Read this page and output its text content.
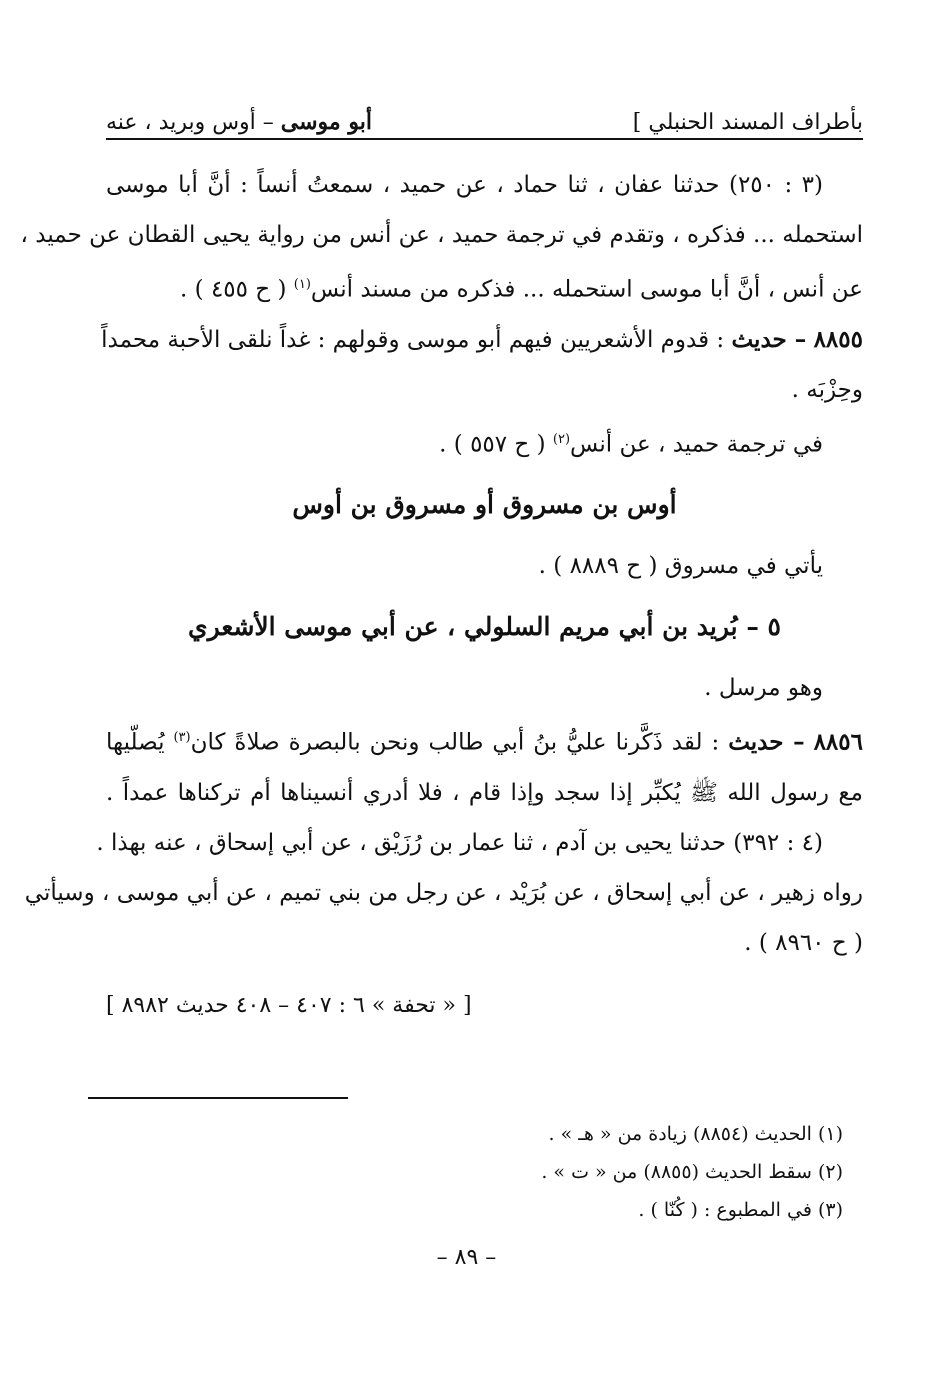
بأطراف المسند الحنبلي ]
أبو موسى – أوس وبريد ، عنه
(٣ : ٢٥٠) حدثنا عفان ، ثنا حماد ، عن حميد ، سمعتُ أنساً : أنَّ أبا موسى
استحمله ... فذكره ، وتقدم في ترجمة حميد ، عن أنس من رواية يحيى القطان عن حميد ،
عن أنس ، أنَّ أبا موسى استحمله ... فذكره من مسند أنس$^{(١)}$ ( ح ٤٥٥ ) .
٨٨٥٥ – حديث : قدوم الأشعريين فيهم أبو موسى وقولهم : غداً نلقى الأحبة محمداً
وحِزْبَه .
في ترجمة حميد ، عن أنس$^{(٢)}$ ( ح ٥٥٧ ) .
أوس بن مسروق أو مسروق بن أوس
يأتي في مسروق ( ح ٨٨٨٩ ) .
٥ – بُريد بن أبي مريم السلولي ، عن أبي موسى الأشعري
وهو مرسل .
٨٨٥٦ – حديث : لقد ذَكَّرنا عليُّ بنُ أبي طالب ونحن بالبصرة صلاةً كان$^{(٣)}$ يُصلّيها
مع رسول الله ﷺ يُكبِّر إذا سجد وإذا قام ، فلا أدري أنسيناها أم تركناها عمداً .
(٤ : ٣٩٢) حدثنا يحيى بن آدم ، ثنا عمار بن رُزَيْق ، عن أبي إسحاق ، عنه بهذا .
رواه زهير ، عن أبي إسحاق ، عن بُرَيْد ، عن رجل من بني تميم ، عن أبي موسى ، وسيأتي
( ح ٨٩٦٠ ) .
[ « تحفة » ٦ : ٤٠٧ – ٤٠٨ حديث ٨٩٨٢ ]
(١) الحديث (٨٨٥٤) زيادة من « هـ » .
(٢) سقط الحديث (٨٨٥٥) من « ت » .
(٣) في المطبوع : ( كُنّا ) .
– ٨٩ –
